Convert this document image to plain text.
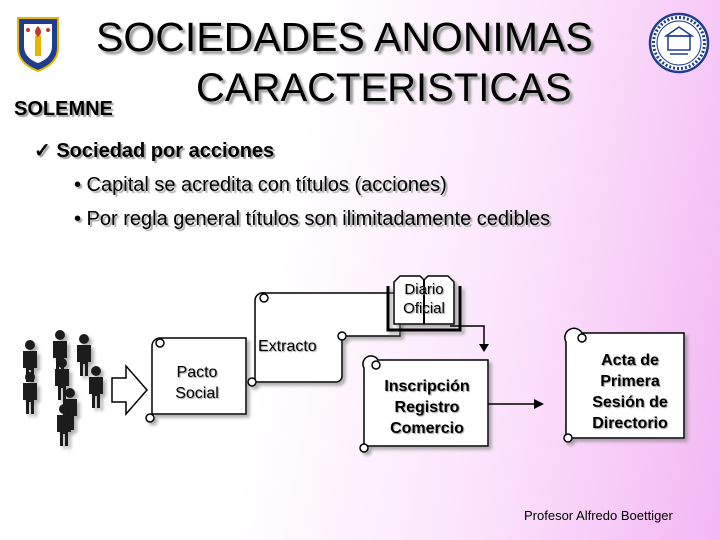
SOCIEDADES ANONIMAS
CARACTERISTICAS
SOLEMNE
✓ Sociedad por acciones
• Capital se acredita con títulos (acciones)
• Por regla general títulos son ilimitadamente cedibles
Pacto
Social
Extracto
Diario
Oficial
Inscripción
Registro
Comercio
Acta de
Primera
Sesión de
Directorio
Profesor Alfredo Boettiger
